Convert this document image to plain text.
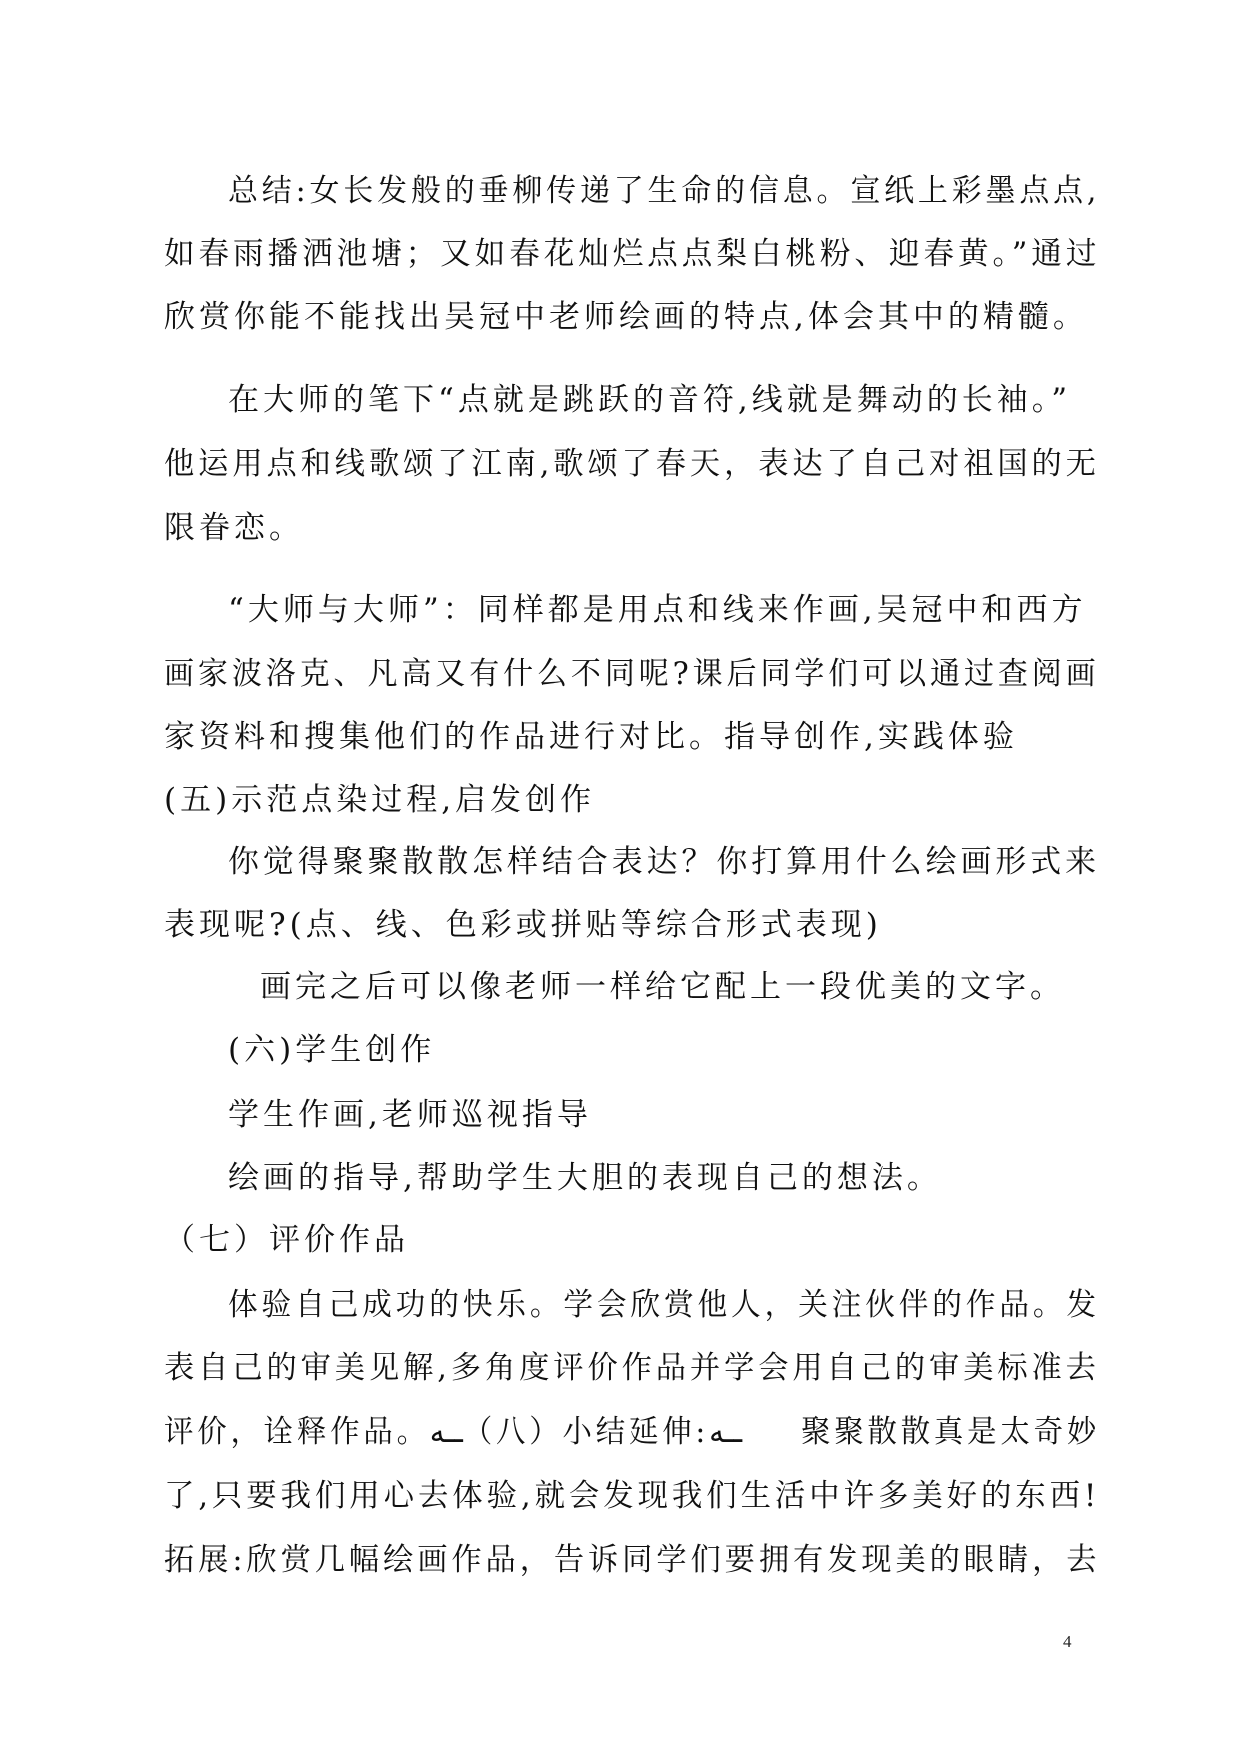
总结:女长发般的垂柳传递了生命的信息。宣纸上彩墨点点,
如春雨播洒池塘；又如春花灿烂点点梨白桃粉、迎春黄。”通过
欣赏你能不能找出吴冠中老师绘画的特点,体会其中的精髓。
在大师的笔下“点就是跳跃的音符,线就是舞动的长袖。”
他运用点和线歌颂了江南,歌颂了春天，表达了自己对祖国的无
限眷恋。
“大师与大师”：同样都是用点和线来作画,吴冠中和西方
画家波洛克、凡高又有什么不同呢?课后同学们可以通过查阅画
家资料和搜集他们的作品进行对比。指导创作,实践体验
(五)示范点染过程,启发创作
你觉得聚聚散散怎样结合表达？你打算用什么绘画形式来
表现呢?(点、线、色彩或拼贴等综合形式表现)
画完之后可以像老师一样给它配上一段优美的文字。
(六)学生创作
学生作画,老师巡视指导
绘画的指导,帮助学生大胆的表现自己的想法。
（七）评价作品
体验自己成功的快乐。学会欣赏他人，关注伙伴的作品。发
表自己的审美见解,多角度评价作品并学会用自己的审美标准去
评价，诠释作品。ــه（八）小结延伸:ــه　　聚聚散散真是太奇妙
了,只要我们用心去体验,就会发现我们生活中许多美好的东西!
拓展:欣赏几幅绘画作品，告诉同学们要拥有发现美的眼睛，去
4
